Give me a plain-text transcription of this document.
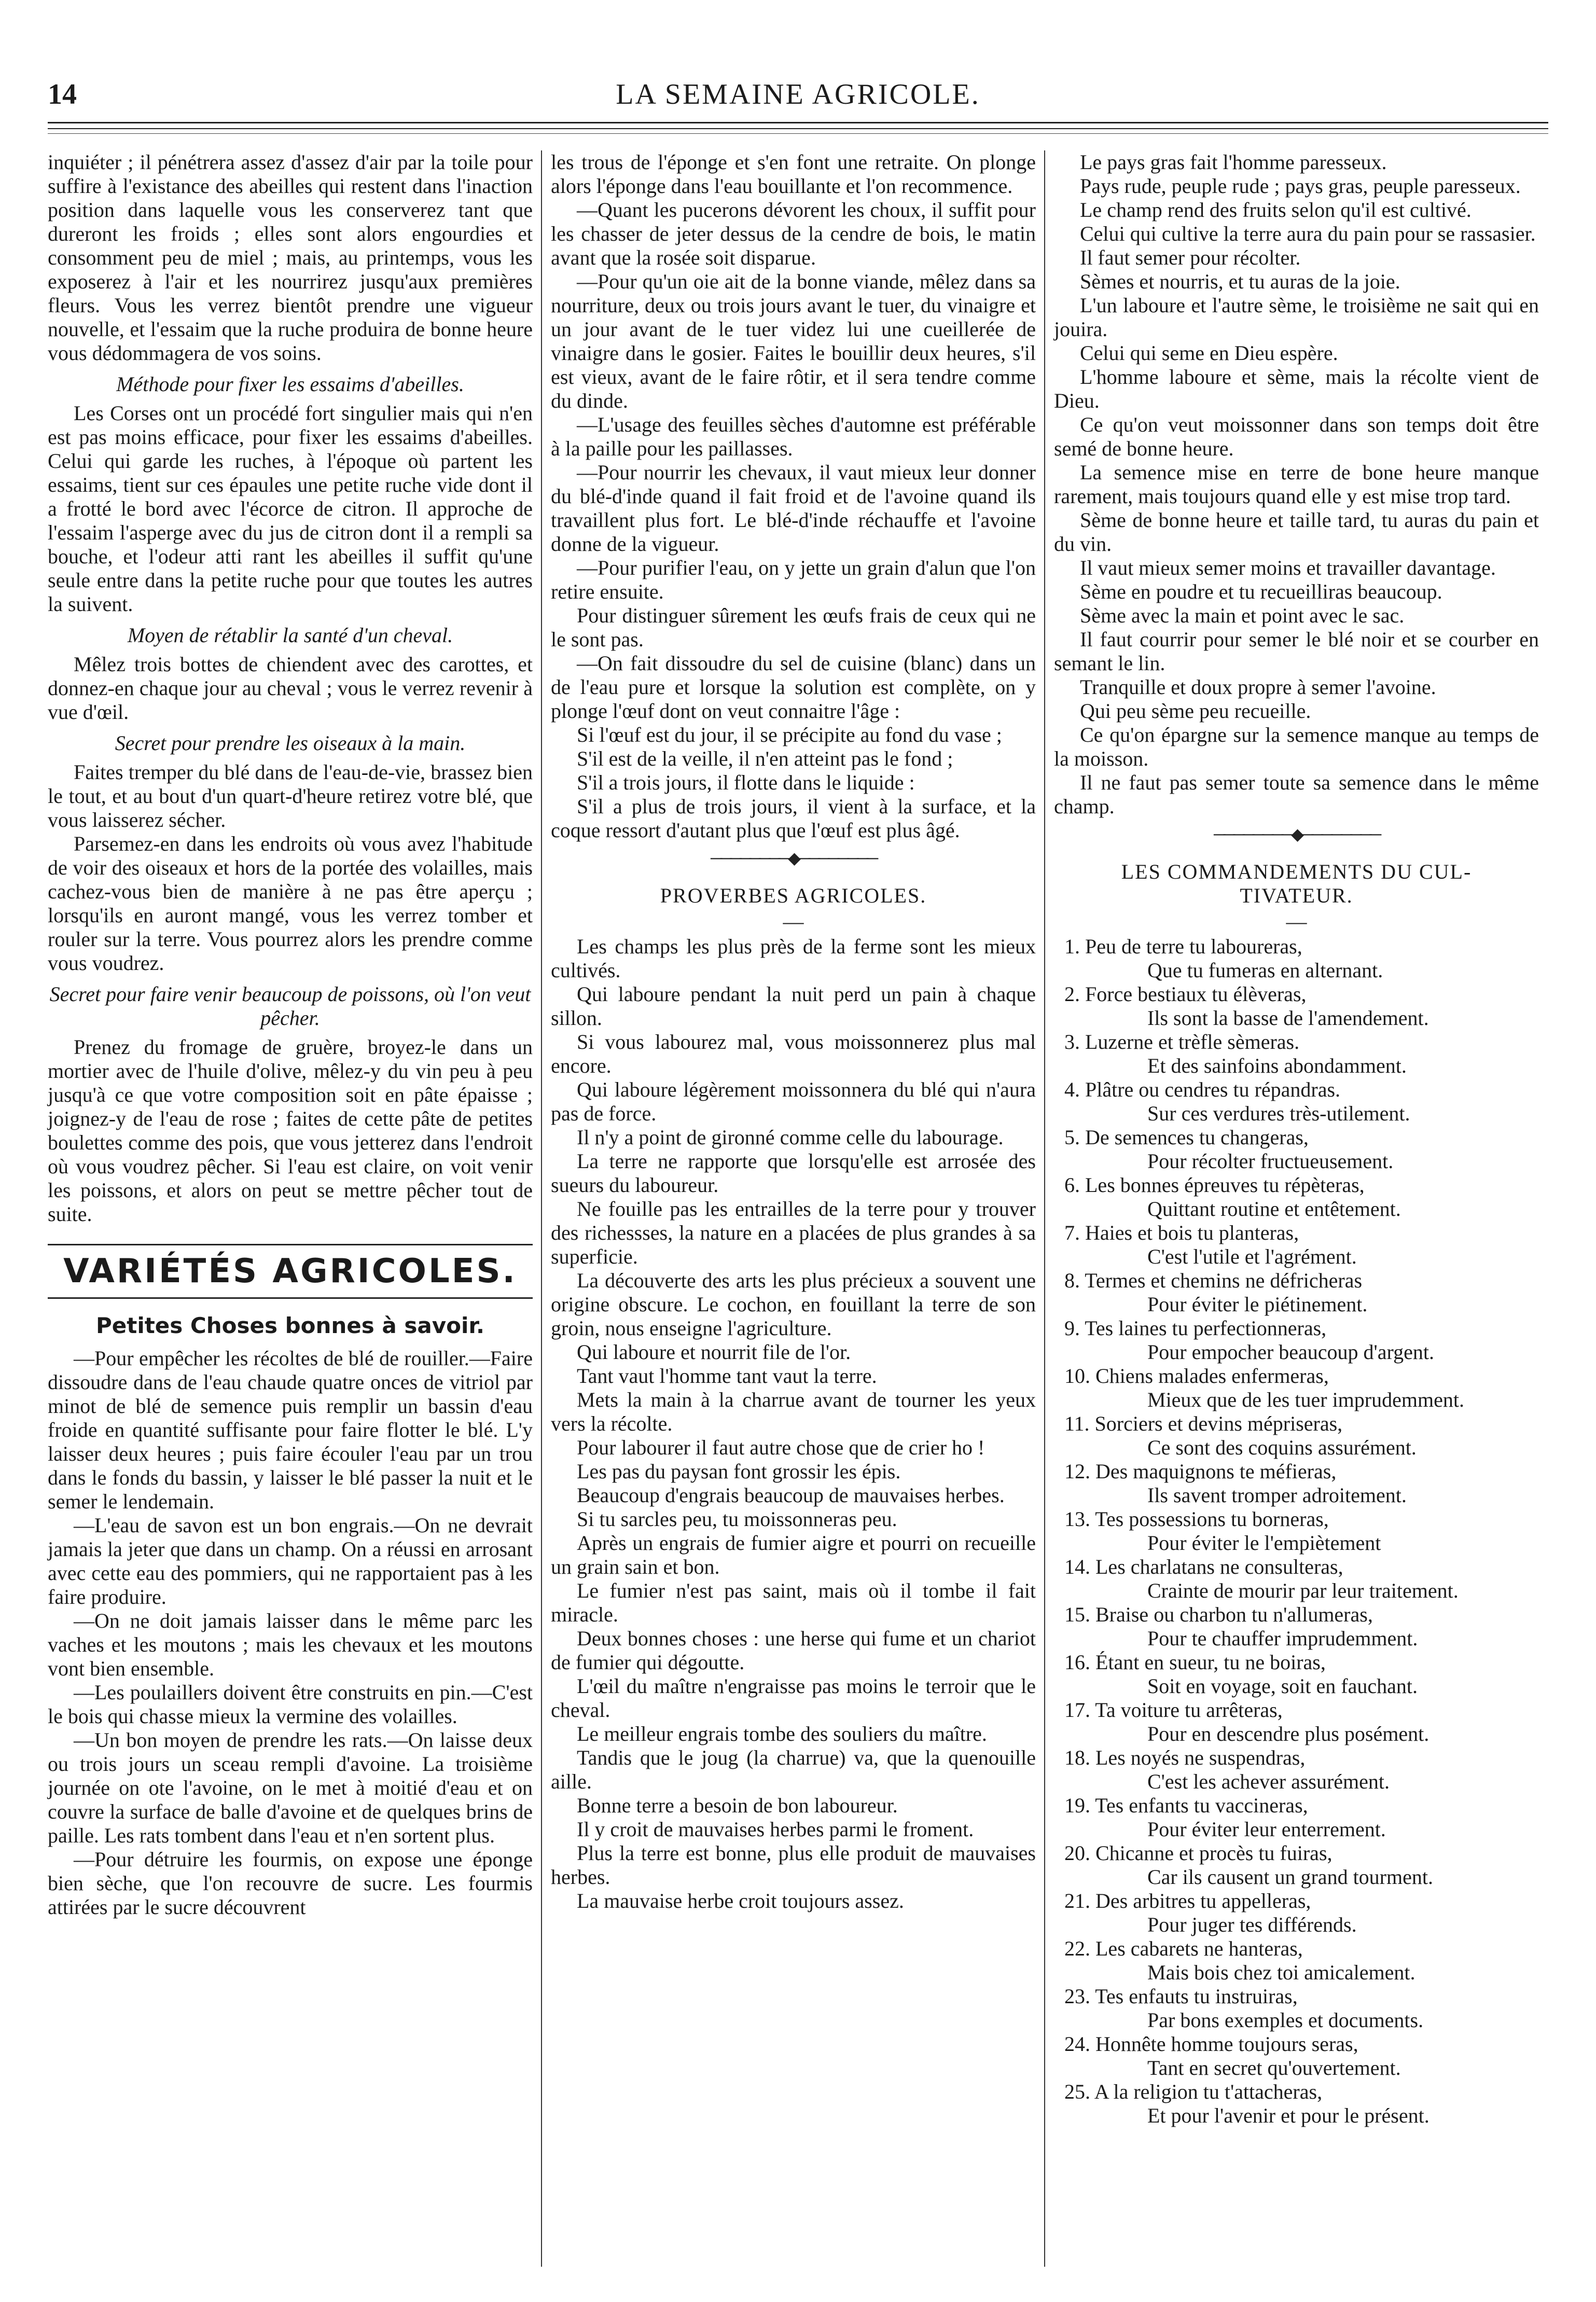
14	LA SEMAINE AGRICOLE.

inquiéter ; il pénétrera assez d'assez d'air par la toile pour suffire à l'existance des abeilles qui restent dans l'inaction position dans laquelle vous les conserverez tant que dureront les froids ; elles sont alors engourdies et consomment peu de miel ; mais, au printemps, vous les exposerez à l'air et les nourrirez jusqu'aux premières fleurs. Vous les verrez bientôt prendre une vigueur nouvelle, et l'essaim que la ruche produira de bonne heure vous dédommagera de vos soins.

Méthode pour fixer les essaims d'abeilles.

Les Corses ont un procédé fort singulier mais qui n'en est pas moins efficace, pour fixer les essaims d'abeilles. Celui qui garde les ruches, à l'époque où partent les essaims, tient sur ces épaules une petite ruche vide dont il a frotté le bord avec l'écorce de citron. Il approche de l'essaim l'asperge avec du jus de citron dont il a rempli sa bouche, et l'odeur atti rant les abeilles il suffit qu'une seule entre dans la petite ruche pour que toutes les autres la suivent.

Moyen de rétablir la santé d'un cheval.

Mêlez trois bottes de chiendent avec des carottes, et donnez-en chaque jour au cheval ; vous le verrez revenir à vue d'œil.

Secret pour prendre les oiseaux à la main.

Faites tremper du blé dans de l'eau-de-vie, brassez bien le tout, et au bout d'un quart-d'heure retirez votre blé, que vous laisserez sécher.

Parsemez-en dans les endroits où vous avez l'habitude de voir des oiseaux et hors de la portée des volailles, mais cachez-vous bien de manière à ne pas être aperçu ; lorsqu'ils en auront mangé, vous les verrez tomber et rouler sur la terre. Vous pourrez alors les prendre comme vous voudrez.

Secret pour faire venir beaucoup de poissons, où l'on veut pêcher.

Prenez du fromage de gruère, broyez-le dans un mortier avec de l'huile d'olive, mêlez-y du vin peu à peu jusqu'à ce que votre composition soit en pâte épaisse ; joignez-y de l'eau de rose ; faites de cette pâte de petites boulettes comme des pois, que vous jetterez dans l'endroit où vous voudrez pêcher. Si l'eau est claire, on voit venir les poissons, et alors on peut se mettre pêcher tout de suite.

VARIÉTÉS AGRICOLES.
Petites Choses bonnes à savoir.

—Pour empêcher les récoltes de blé de rouiller.—Faire dissoudre dans de l'eau chaude quatre onces de vitriol par minot de blé de semence puis remplir un bassin d'eau froide en quantité suffisante pour faire flotter le blé. L'y laisser deux heures ; puis faire écouler l'eau par un trou dans le fonds du bassin, y laisser le blé passer la nuit et le semer le lendemain.

—L'eau de savon est un bon engrais.—On ne devrait jamais la jeter que dans un champ. On a réussi en arrosant avec cette eau des pommiers, qui ne rapportaient pas à les faire produire.

—On ne doit jamais laisser dans le même parc les vaches et les moutons ; mais les chevaux et les moutons vont bien ensemble.

—Les poulaillers doivent être construits en pin.—C'est le bois qui chasse mieux la vermine des volailles.

—Un bon moyen de prendre les rats.—On laisse deux ou trois jours un sceau rempli d'avoine. La troisième journée on ote l'avoine, on le met à moitié d'eau et on couvre la surface de balle d'avoine et de quelques brins de paille. Les rats tombent dans l'eau et n'en sortent plus.

—Pour détruire les fourmis, on expose une éponge bien sèche, que l'on recouvre de sucre. Les fourmis attirées par le sucre découvrent

les trous de l'éponge et s'en font une retraite. On plonge alors l'éponge dans l'eau bouillante et l'on recommence.

—Quant les pucerons dévorent les choux, il suffit pour les chasser de jeter dessus de la cendre de bois, le matin avant que la rosée soit disparue.

—Pour qu'un oie ait de la bonne viande, mêlez dans sa nourriture, deux ou trois jours avant le tuer, du vinaigre et un jour avant de le tuer videz lui une cueillerée de vinaigre dans le gosier. Faites le bouillir deux heures, s'il est vieux, avant de le faire rôtir, et il sera tendre comme du dinde.

—L'usage des feuilles sèches d'automne est préférable à la paille pour les paillasses.

—Pour nourrir les chevaux, il vaut mieux leur donner du blé-d'inde quand il fait froid et de l'avoine quand ils travaillent plus fort. Le blé-d'inde réchauffe et l'avoine donne de la vigueur.

—Pour purifier l'eau, on y jette un grain d'alun que l'on retire ensuite.

Pour distinguer sûrement les œufs frais de ceux qui ne le sont pas.

—On fait dissoudre du sel de cuisine (blanc) dans un de l'eau pure et lorsque la solution est complète, on y plonge l'œuf dont on veut connaitre l'âge :

Si l'œuf est du jour, il se précipite au fond du vase ;

S'il est de la veille, il n'en atteint pas le fond ;

S'il a trois jours, il flotte dans le liquide :

S'il a plus de trois jours, il vient à la surface, et la coque ressort d'autant plus que l'œuf est plus âgé.

────────◆────────
PROVERBES AGRICOLES.
—

Les champs les plus près de la ferme sont les mieux cultivés.

Qui laboure pendant la nuit perd un pain à chaque sillon.

Si vous labourez mal, vous moissonnerez plus mal encore.

Qui laboure légèrement moissonnera du blé qui n'aura pas de force.

Il n'y a point de gironné comme celle du labourage.

La terre ne rapporte que lorsqu'elle est arrosée des sueurs du laboureur.

Ne fouille pas les entrailles de la terre pour y trouver des richessses, la nature en a placées de plus grandes à sa superficie.

La découverte des arts les plus précieux a souvent une origine obscure. Le cochon, en fouillant la terre de son groin, nous enseigne l'agriculture.

Qui laboure et nourrit file de l'or.

Tant vaut l'homme tant vaut la terre.

Mets la main à la charrue avant de tourner les yeux vers la récolte.

Pour labourer il faut autre chose que de crier ho !

Les pas du paysan font grossir les épis.

Beaucoup d'engrais beaucoup de mauvaises herbes.

Si tu sarcles peu, tu moissonneras peu.

Après un engrais de fumier aigre et pourri on recueille un grain sain et bon.

Le fumier n'est pas saint, mais où il tombe il fait miracle.

Deux bonnes choses : une herse qui fume et un chariot de fumier qui dégoutte.

L'œil du maître n'engraisse pas moins le terroir que le cheval.

Le meilleur engrais tombe des souliers du maître.

Tandis que le joug (la charrue) va, que la quenouille aille.

Bonne terre a besoin de bon laboureur.

Il y croit de mauvaises herbes parmi le froment.

Plus la terre est bonne, plus elle produit de mauvaises herbes.

La mauvaise herbe croit toujours assez.

Le pays gras fait l'homme paresseux.

Pays rude, peuple rude ; pays gras, peuple paresseux.

Le champ rend des fruits selon qu'il est cultivé.

Celui qui cultive la terre aura du pain pour se rassasier.

Il faut semer pour récolter.

Sèmes et nourris, et tu auras de la joie.

L'un laboure et l'autre sème, le troisième ne sait qui en jouira.

Celui qui seme en Dieu espère.

L'homme laboure et sème, mais la récolte vient de Dieu.

Ce qu'on veut moissonner dans son temps doit être semé de bonne heure.

La semence mise en terre de bone heure manque rarement, mais toujours quand elle y est mise trop tard.

Sème de bonne heure et taille tard, tu auras du pain et du vin.

Il vaut mieux semer moins et travailler davantage.

Sème en poudre et tu recueilliras beaucoup.

Sème avec la main et point avec le sac.

Il faut courrir pour semer le blé noir et se courber en semant le lin.

Tranquille et doux propre à semer l'avoine.

Qui peu sème peu recueille.

Ce qu'on épargne sur la semence manque au temps de la moisson.

Il ne faut pas semer toute sa semence dans le même champ.

────────◆────────
LES COMMANDEMENTS DU CUL-
TIVATEUR.
—
1. Peu de terre tu laboureras,
Que tu fumeras en alternant.
2. Force bestiaux tu élèveras,
Ils sont la basse de l'amendement.
3. Luzerne et trèfle sèmeras.
Et des sainfoins abondamment.
4. Plâtre ou cendres tu répandras.
Sur ces verdures très-utilement.
5. De semences tu changeras,
Pour récolter fructueusement.
6. Les bonnes épreuves tu répèteras,
Quittant routine et entêtement.
7. Haies et bois tu planteras,
C'est l'utile et l'agrément.
8. Termes et chemins ne défricheras
Pour éviter le piétinement.
9. Tes laines tu perfectionneras,
Pour empocher beaucoup d'argent.
10. Chiens malades enfermeras,
Mieux que de les tuer imprudemment.
11. Sorciers et devins mépriseras,
Ce sont des coquins assurément.
12. Des maquignons te méfieras,
Ils savent tromper adroitement.
13. Tes possessions tu borneras,
Pour éviter le l'empiètement
14. Les charlatans ne consulteras,
Crainte de mourir par leur traitement.
15. Braise ou charbon tu n'allumeras,
Pour te chauffer imprudemment.
16. Étant en sueur, tu ne boiras,
Soit en voyage, soit en fauchant.
17. Ta voiture tu arrêteras,
Pour en descendre plus posément.
18. Les noyés ne suspendras,
C'est les achever assurément.
19. Tes enfants tu vaccineras,
Pour éviter leur enterrement.
20. Chicanne et procès tu fuiras,
Car ils causent un grand tourment.
21. Des arbitres tu appelleras,
Pour juger tes différends.
22. Les cabarets ne hanteras,
Mais bois chez toi amicalement.
23. Tes enfauts tu instruiras,
Par bons exemples et documents.
24. Honnête homme toujours seras,
Tant en secret qu'ouvertement.
25. A la religion tu t'attacheras,
Et pour l'avenir et pour le présent.
